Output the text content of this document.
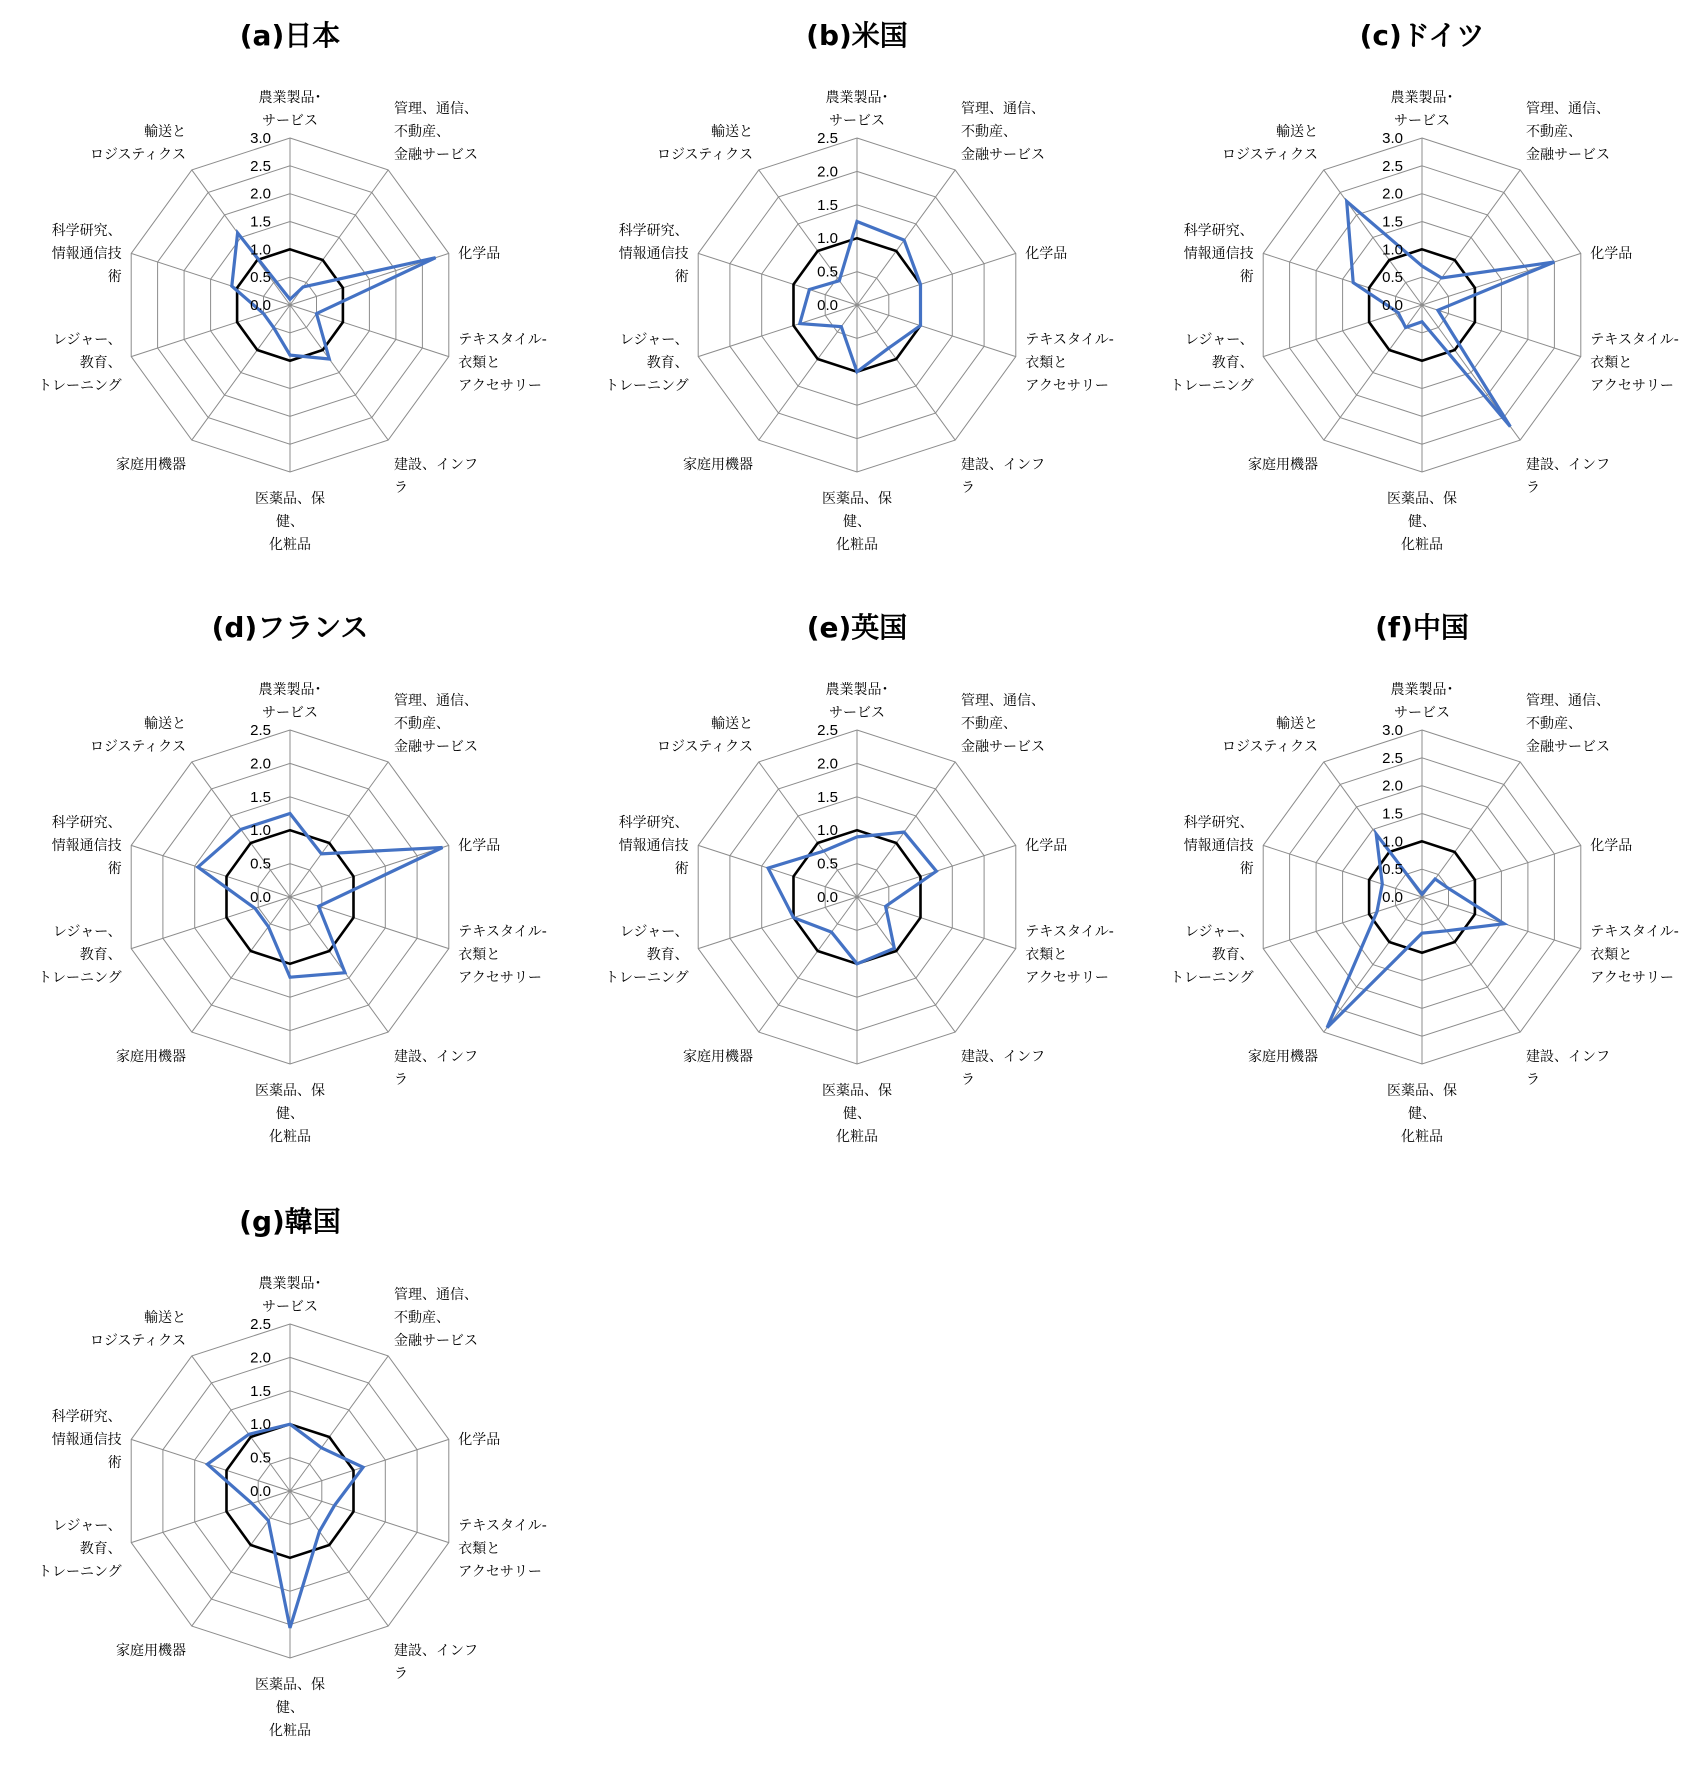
(a)日本
0.0
0.5
1.0
1.5
2.0
2.5
3.0
農業製品･
サービス
管理、通信、
不動産、
金融サービス
化学品
テキスタイル-
衣類と
アクセサリー
建設、インフ
ラ
医薬品、保
健、
化粧品
家庭用機器
レジャー、
教育、
トレーニング
科学研究、
情報通信技
術
輸送と
ロジスティクス
(b)米国
0.0
0.5
1.0
1.5
2.0
2.5
農業製品･
サービス
管理、通信、
不動産、
金融サービス
化学品
テキスタイル-
衣類と
アクセサリー
建設、インフ
ラ
医薬品、保
健、
化粧品
家庭用機器
レジャー、
教育、
トレーニング
科学研究、
情報通信技
術
輸送と
ロジスティクス
(c)ドイツ
0.0
0.5
1.0
1.5
2.0
2.5
3.0
農業製品･
サービス
管理、通信、
不動産、
金融サービス
化学品
テキスタイル-
衣類と
アクセサリー
建設、インフ
ラ
医薬品、保
健、
化粧品
家庭用機器
レジャー、
教育、
トレーニング
科学研究、
情報通信技
術
輸送と
ロジスティクス
(d)フランス
0.0
0.5
1.0
1.5
2.0
2.5
農業製品･
サービス
管理、通信、
不動産、
金融サービス
化学品
テキスタイル-
衣類と
アクセサリー
建設、インフ
ラ
医薬品、保
健、
化粧品
家庭用機器
レジャー、
教育、
トレーニング
科学研究、
情報通信技
術
輸送と
ロジスティクス
(e)英国
0.0
0.5
1.0
1.5
2.0
2.5
農業製品･
サービス
管理、通信、
不動産、
金融サービス
化学品
テキスタイル-
衣類と
アクセサリー
建設、インフ
ラ
医薬品、保
健、
化粧品
家庭用機器
レジャー、
教育、
トレーニング
科学研究、
情報通信技
術
輸送と
ロジスティクス
(f)中国
0.0
0.5
1.0
1.5
2.0
2.5
3.0
農業製品･
サービス
管理、通信、
不動産、
金融サービス
化学品
テキスタイル-
衣類と
アクセサリー
建設、インフ
ラ
医薬品、保
健、
化粧品
家庭用機器
レジャー、
教育、
トレーニング
科学研究、
情報通信技
術
輸送と
ロジスティクス
(g)韓国
0.0
0.5
1.0
1.5
2.0
2.5
農業製品･
サービス
管理、通信、
不動産、
金融サービス
化学品
テキスタイル-
衣類と
アクセサリー
建設、インフ
ラ
医薬品、保
健、
化粧品
家庭用機器
レジャー、
教育、
トレーニング
科学研究、
情報通信技
術
輸送と
ロジスティクス
